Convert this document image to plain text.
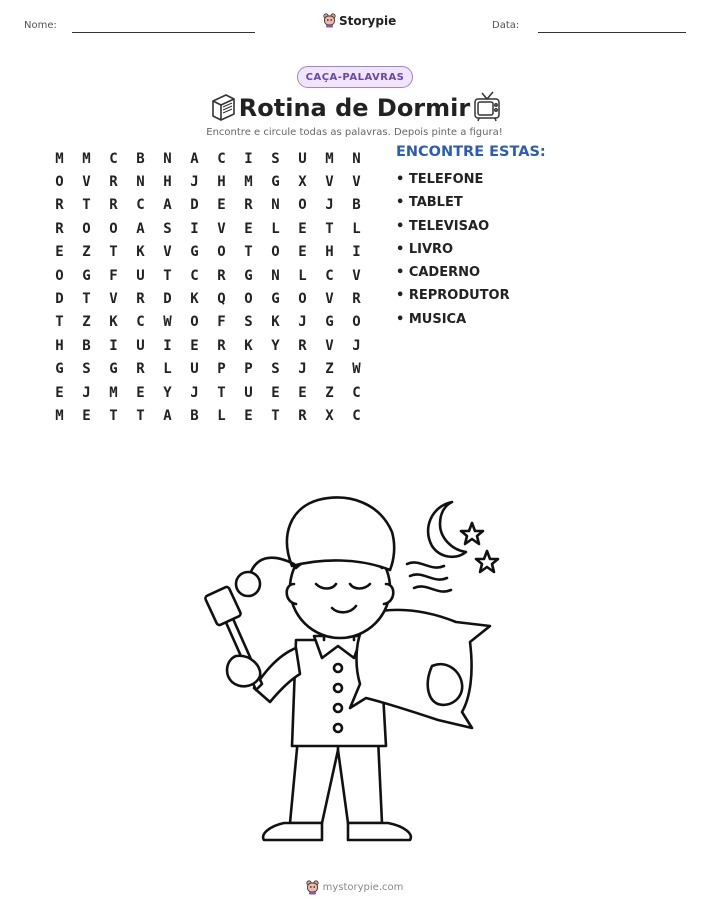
Nome:	Storypie	Data:
CAÇA-PALAVRAS
Rotina de Dormir
Encontre e circule todas as palavras. Depois pinte a figura!
M	M	C	B	N	A	C	I	S	U	M	N
O	V	R	N	H	J	H	M	G	X	V	V
R	T	R	C	A	D	E	R	N	O	J	B
R	O	O	A	S	I	V	E	L	E	T	L
E	Z	T	K	V	G	O	T	O	E	H	I
O	G	F	U	T	C	R	G	N	L	C	V
D	T	V	R	D	K	Q	O	G	O	V	R
T	Z	K	C	W	O	F	S	K	J	G	O
H	B	I	U	I	E	R	K	Y	R	V	J
G	S	G	R	L	U	P	P	S	J	Z	W
E	J	M	E	Y	J	T	U	E	E	Z	C
M	E	T	T	A	B	L	E	T	R	X	C
ENCONTRE ESTAS:
• TELEFONE
• TABLET
• TELEVISAO
• LIVRO
• CADERNO
• REPRODUTOR
• MUSICA
mystorypie.com
